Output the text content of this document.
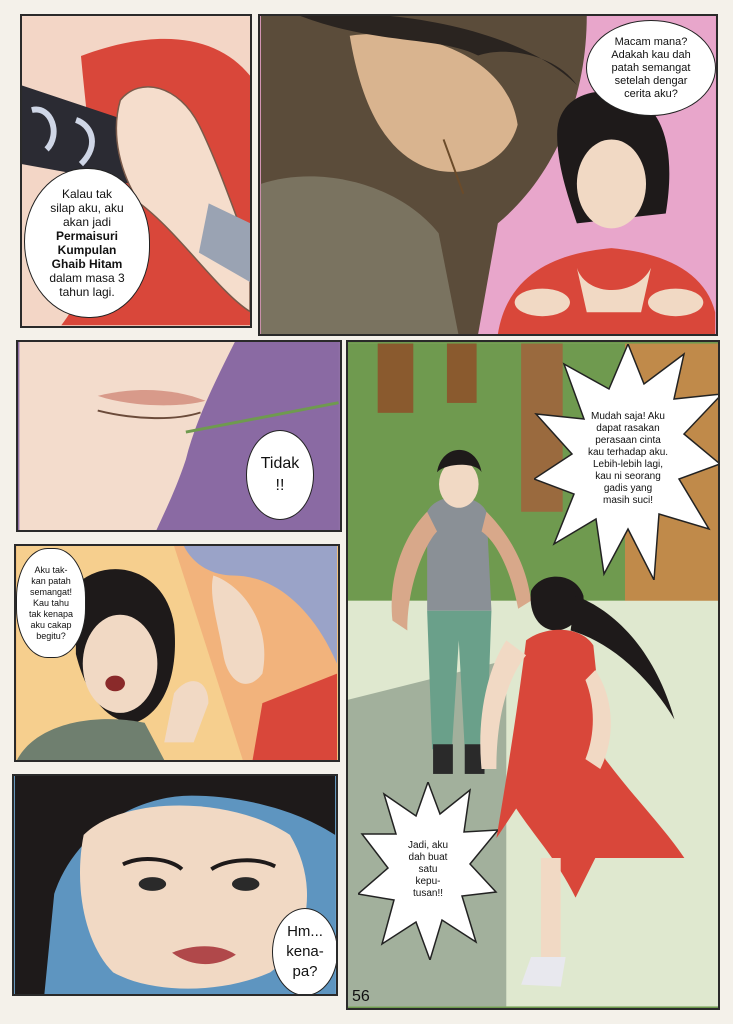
Kalau tak
silap aku, aku
akan jadi
Permaisuri
Kumpulan
Ghaib Hitam
dalam masa 3
tahun lagi.
Macam mana?
Adakah kau dah
patah semangat
setelah dengar
cerita aku?
Tidak
!!
Aku tak-
kan patah
semangat!
Kau tahu
tak kenapa
aku cakap
begitu?
Hm...
kena-
pa?
Mudah saja! Aku
dapat rasakan
perasaan cinta
kau terhadap aku.
Lebih-lebih lagi,
kau ni seorang
gadis yang
masih suci!
Jadi, aku
dah buat
satu
kepu-
tusan!!
56
